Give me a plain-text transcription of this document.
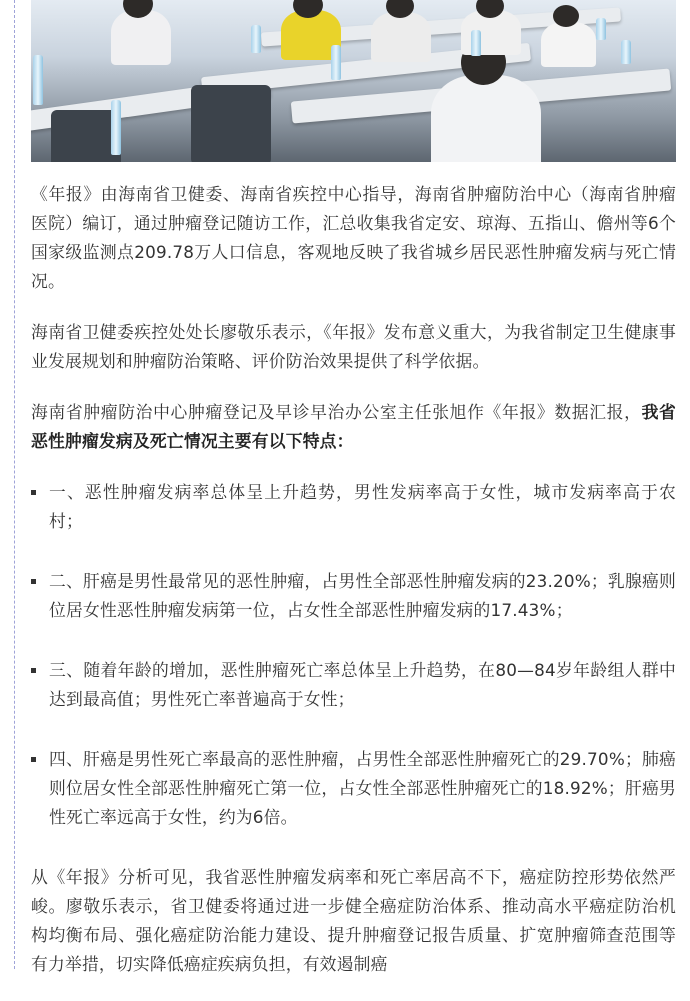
《年报》由海南省卫健委、海南省疾控中心指导，海南省肿瘤防治中心（海南省肿瘤医院）编订，通过肿瘤登记随访工作，汇总收集我省定安、琼海、五指山、儋州等6个国家级监测点209.78万人口信息，客观地反映了我省城乡居民恶性肿瘤发病与死亡情况。

海南省卫健委疾控处处长廖敬乐表示，《年报》发布意义重大，为我省制定卫生健康事业发展规划和肿瘤防治策略、评价防治效果提供了科学依据。

海南省肿瘤防治中心肿瘤登记及早诊早治办公室主任张旭作《年报》数据汇报，我省恶性肿瘤发病及死亡情况主要有以下特点：

一、恶性肿瘤发病率总体呈上升趋势，男性发病率高于女性，城市发病率高于农村；
二、肝癌是男性最常见的恶性肿瘤，占男性全部恶性肿瘤发病的23.20%；乳腺癌则位居女性恶性肿瘤发病第一位，占女性全部恶性肿瘤发病的17.43%；
三、随着年龄的增加，恶性肿瘤死亡率总体呈上升趋势，在80—84岁年龄组人群中达到最高值；男性死亡率普遍高于女性；
四、肝癌是男性死亡率最高的恶性肿瘤，占男性全部恶性肿瘤死亡的29.70%；肺癌则位居女性全部恶性肿瘤死亡第一位，占女性全部恶性肿瘤死亡的18.92%；肝癌男性死亡率远高于女性，约为6倍。

从《年报》分析可见，我省恶性肿瘤发病率和死亡率居高不下，癌症防控形势依然严峻。廖敬乐表示，省卫健委将通过进一步健全癌症防治体系、推动高水平癌症防治机构均衡布局、强化癌症防治能力建设、提升肿瘤登记报告质量、扩宽肿瘤筛查范围等有力举措，切实降低癌症疾病负担，有效遏制癌
